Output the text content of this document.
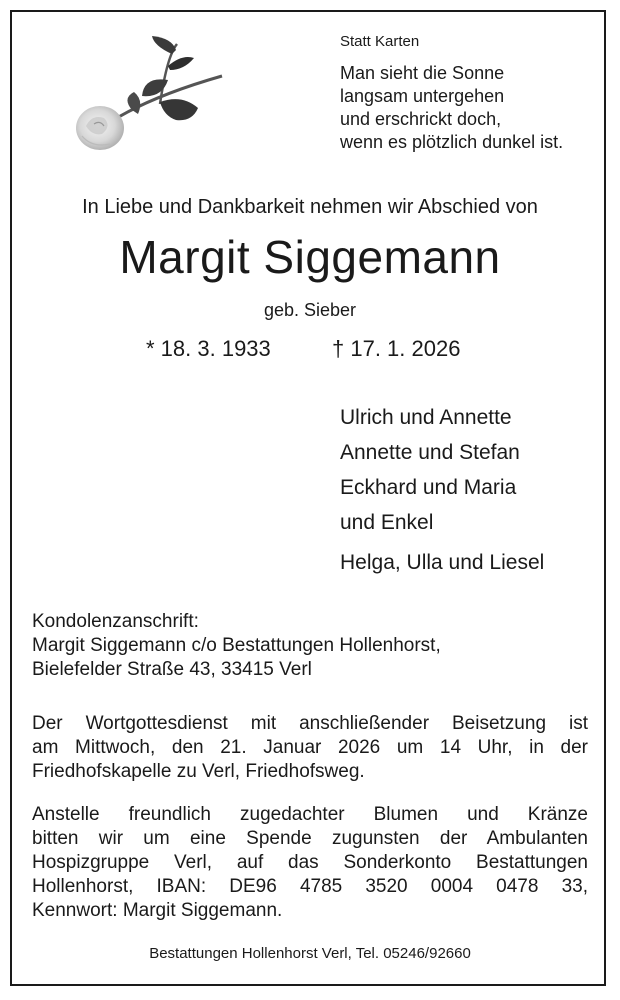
Statt Karten
Man sieht die Sonne
langsam untergehen
und erschrickt doch,
wenn es plötzlich dunkel ist.
In Liebe und Dankbarkeit nehmen wir Abschied von
Margit Siggemann
geb. Sieber
* 18. 3. 1933	† 17. 1. 2026
Ulrich und Annette
Annette und Stefan
Eckhard und Maria
und Enkel
Helga, Ulla und Liesel
Kondolenzanschrift:
Margit Siggemann c/o Bestattungen Hollenhorst,
Bielefelder Straße 43, 33415 Verl
Der Wortgottesdienst mit anschließender Beisetzung ist
am Mittwoch, den 21. Januar 2026 um 14 Uhr, in der
Friedhofskapelle zu Verl, Friedhofsweg.
Anstelle freundlich zugedachter Blumen und Kränze
bitten wir um eine Spende zugunsten der Ambulanten
Hospizgruppe Verl, auf das Sonderkonto Bestattungen
Hollenhorst, IBAN: DE96 4785 3520 0004 0478 33,
Kennwort: Margit Siggemann.
Bestattungen Hollenhorst Verl, Tel. 05246/92660
